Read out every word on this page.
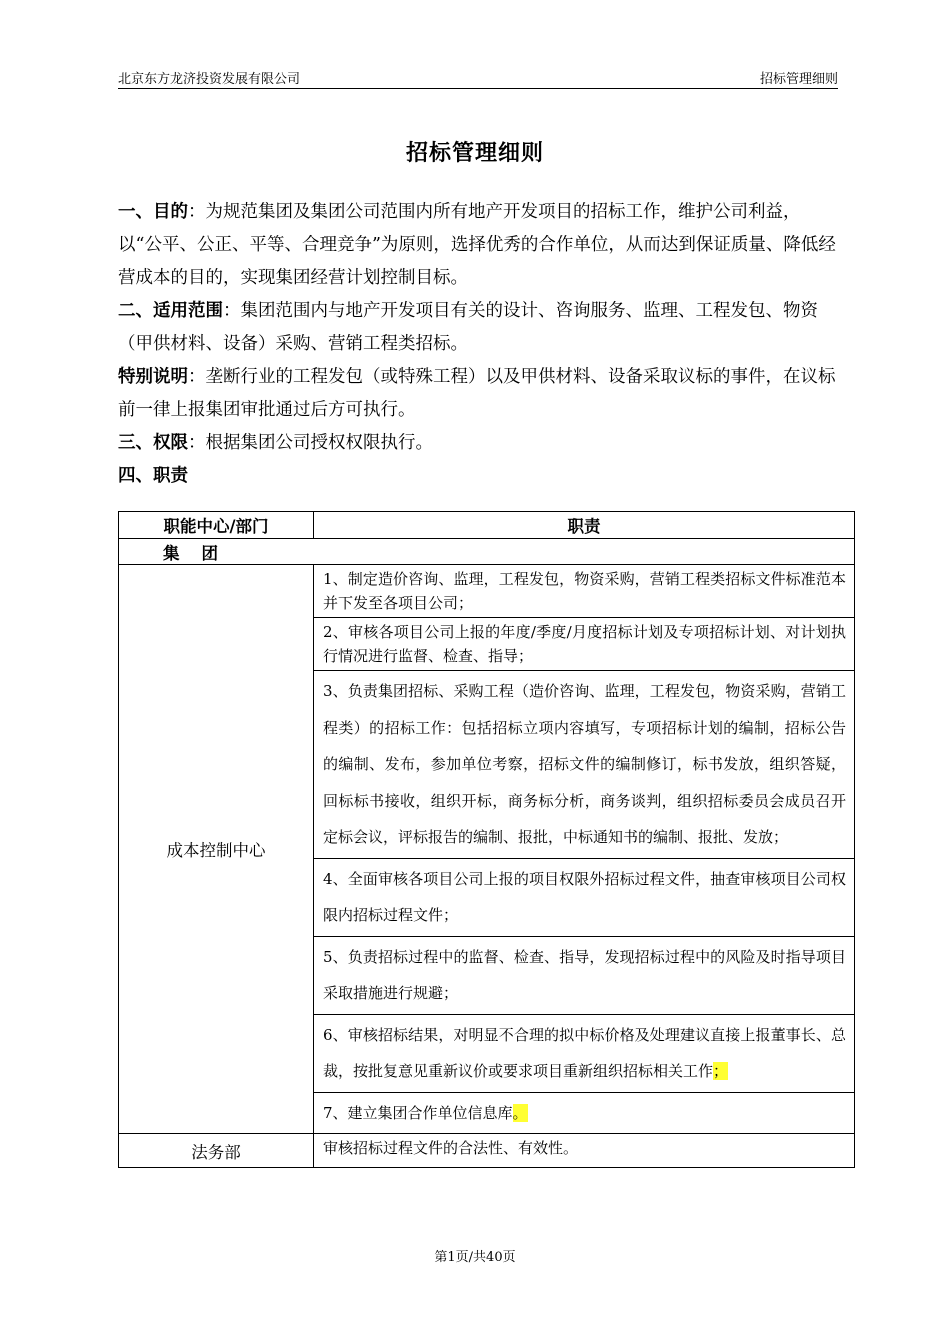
北京东方龙济投资发展有限公司	招标管理细则
招标管理细则

一、目的：为规范集团及集团公司范围内所有地产开发项目的招标工作，维护公司利益，以“公平、公正、平等、合理竞争”为原则，选择优秀的合作单位，从而达到保证质量、降低经营成本的目的，实现集团经营计划控制目标。

二、适用范围：集团范围内与地产开发项目有关的设计、咨询服务、监理、工程发包、物资（甲供材料、设备）采购、营销工程类招标。

特别说明：垄断行业的工程发包（或特殊工程）以及甲供材料、设备采取议标的事件，在议标前一律上报集团审批通过后方可执行。

三、权限：根据集团公司授权权限执行。

四、职责

职能中心/部门	职责
集团	
成本控制中心	1、制定造价咨询、监理，工程发包，物资采购，营销工程类招标文件标准范本并下发至各项目公司；
	2、审核各项目公司上报的年度/季度/月度招标计划及专项招标计划、对计划执行情况进行监督、检查、指导；
	3、负责集团招标、采购工程（造价咨询、监理，工程发包，物资采购，营销工程类）的招标工作：包括招标立项内容填写，专项招标计划的编制，招标公告的编制、发布，参加单位考察，招标文件的编制修订，标书发放，组织答疑，回标标书接收，组织开标，商务标分析，商务谈判，组织招标委员会成员召开定标会议，评标报告的编制、报批，中标通知书的编制、报批、发放；
	4、全面审核各项目公司上报的项目权限外招标过程文件，抽查审核项目公司权限内招标过程文件；
	5、负责招标过程中的监督、检查、指导，发现招标过程中的风险及时指导项目采取措施进行规避；
	6、审核招标结果，对明显不合理的拟中标价格及处理建议直接上报董事长、总裁，按批复意见重新议价或要求项目重新组织招标相关工作；
	7、建立集团合作单位信息库。
法务部	审核招标过程文件的合法性、有效性。
第1页/共40页
